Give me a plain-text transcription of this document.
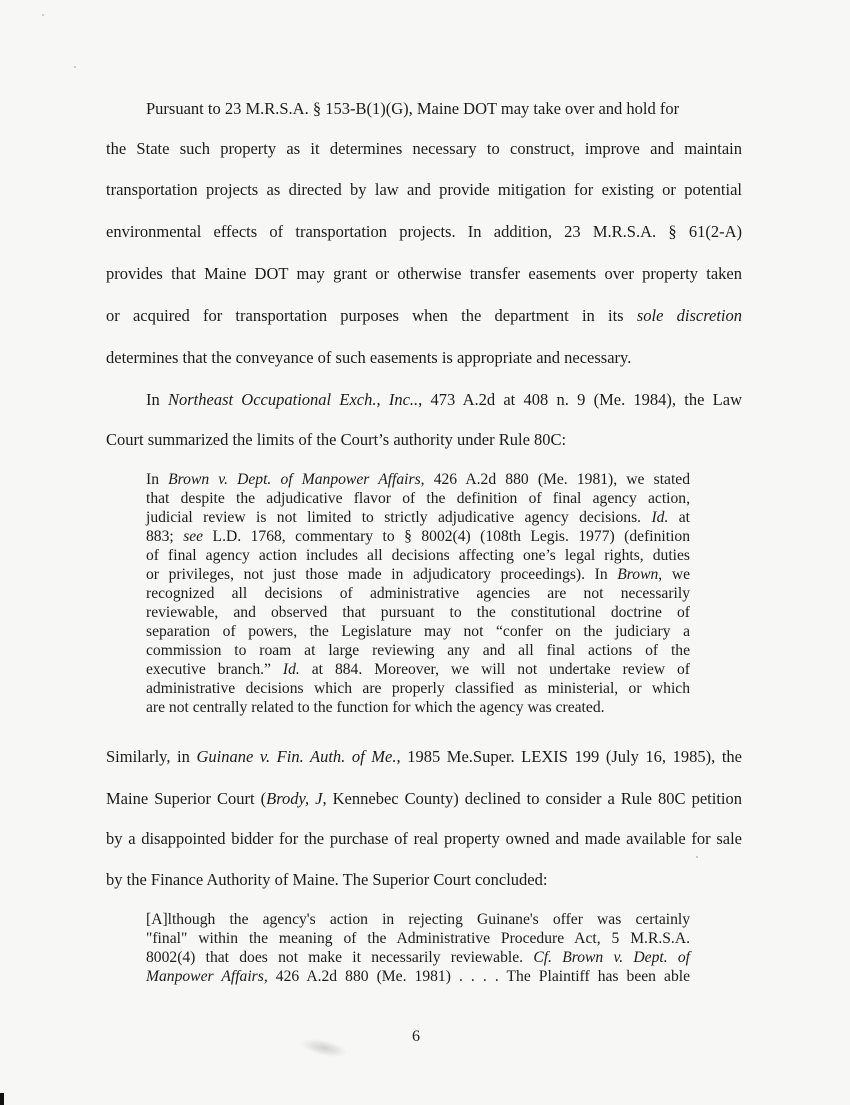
Pursuant to 23 M.R.S.A. § 153-B(1)(G), Maine DOT may take over and hold for

the State such property as it determines necessary to construct, improve and maintain

transportation projects as directed by law and provide mitigation for existing or potential

environmental effects of transportation projects. In addition, 23 M.R.S.A. § 61(2-A)

provides that Maine DOT may grant or otherwise transfer easements over property taken

or acquired for transportation purposes when the department in its sole discretion

determines that the conveyance of such easements is appropriate and necessary.

In Northeast Occupational Exch., Inc.., 473 A.2d at 408 n. 9 (Me. 1984), the Law

Court summarized the limits of the Court’s authority under Rule 80C:

In Brown v. Dept. of Manpower Affairs, 426 A.2d 880 (Me. 1981), we stated

that despite the adjudicative flavor of the definition of final agency action,

judicial review is not limited to strictly adjudicative agency decisions. Id. at

883; see L.D. 1768, commentary to § 8002(4) (108th Legis. 1977) (definition

of final agency action includes all decisions affecting one’s legal rights, duties

or privileges, not just those made in adjudicatory proceedings). In Brown, we

recognized all decisions of administrative agencies are not necessarily

reviewable, and observed that pursuant to the constitutional doctrine of

separation of powers, the Legislature may not “confer on the judiciary a

commission to roam at large reviewing any and all final actions of the

executive branch.” Id. at 884. Moreover, we will not undertake review of

administrative decisions which are properly classified as ministerial, or which

are not centrally related to the function for which the agency was created.

Similarly, in Guinane v. Fin. Auth. of Me., 1985 Me.Super. LEXIS 199 (July 16, 1985), the

Maine Superior Court (Brody, J, Kennebec County) declined to consider a Rule 80C petition

by a disappointed bidder for the purchase of real property owned and made available for sale

by the Finance Authority of Maine. The Superior Court concluded:

[A]lthough the agency's action in rejecting Guinane's offer was certainly

"final" within the meaning of the Administrative Procedure Act, 5 M.R.S.A.

8002(4) that does not make it necessarily reviewable. Cf. Brown v. Dept. of

Manpower Affairs, 426 A.2d 880 (Me. 1981) . . . . The Plaintiff has been able

6
